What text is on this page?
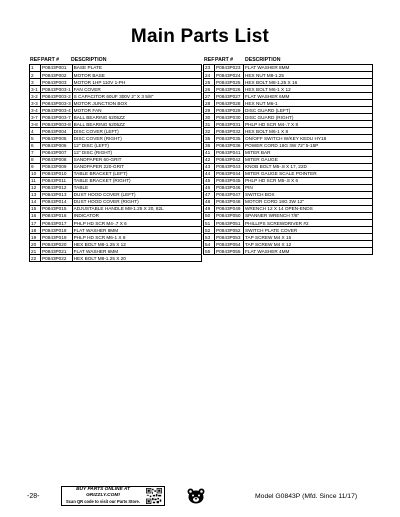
Main Parts List
REF PART #	DESCRIPTION
1	P0843P001	BASE PLATE
2	P0843P002	MOTOR BASE
3	P0843P003	MOTOR 1HP 110V 1-PH
3-1	P0843P003-1	FAN COVER
3-2	P0843P003-2	S CAPACITOR 60UF 300V 2" X 3 5/8"
3-3	P0843P003-3	MOTOR JUNCTION BOX
3-4	P0843P003-4	MOTOR FAN
3-7	P0843P003-7	BALL BEARING 6205ZZ
3-8	P0843P003-8	BALL BEARING 6205ZZ
4	P0843P004	DISC COVER (LEFT)
5	P0843P005	DISC COVER (RIGHT)
6	P0843P006	12" DISC (LEFT)
7	P0843P007	12" DISC (RIGHT)
8	P0843P008	SANDPAPER 60-GRIT
9	P0843P009	SANDPAPER 220-GRIT
10	P0843P010	TABLE BRACKET (LEFT)
11	P0843P011	TABLE BRACKET (RIGHT)
12	P0843P012	TABLE
13	P0843P013	DUST HOOD COVER (LEFT)
14	P0843P014	DUST HOOD COVER (RIGHT)
15	P0843P015	ADJUSTABLE HANDLE M8-1.25 X 20, 82L
16	P0843P016	INDICATOR
17	P0843P017	PHLP HD SCR M4-.7 X 6
18	P0843P018	FLAT WASHER 8MM
19	P0843P019	PHLP HD SCR M6-1 X 8
20	P0843P020	HEX BOLT M8-1.25 X 12
21	P0843P021	FLAT WASHER 6MM
22	P0843P022	HEX BOLT M8-1.25 X 20
REF PART #	DESCRIPTION
23	P0843P023	FLAT WASHER 8MM
24	P0843P024	HEX NUT M8-1.25
25	P0843P025	HEX BOLT M8-1.25 X 16
26	P0843P026	HEX BOLT M6-1 X 12
27	P0843P027	FLAT WASHER 6MM
28	P0843P028	HEX NUT M6-1
29	P0843P029	DISC GUARD (LEFT)
30	P0843P030	DISC GUARD (RIGHT)
31	P0843P031	PHLP HD SCR M4-.7 X 8
32	P0843P032	HEX BOLT M6-1 X 8
35	P0843P035	ON/OFF SWITCH W/KEY KEDU HY18
36	P0843P036	POWER CORD 18G 3W 72" 5-15P
41	P0843P041	MITER BAR
42	P0843P042	MITER GAUGE
43	P0843P043	KNOB BOLT M5-.8 X 17, 22D
44	P0843P044	MITER GAUGE SCALE POINTER
45	P0843P045	PHLP HD SCR M5-.8 X 6
46	P0843P046	PIN
47	P0843P047	SWITCH BOX
48	P0843P048	MOTOR CORD 18G 3W 12"
49	P0843P049	WRENCH 12 X 14 OPEN-ENDS
50	P0843P050	SPANNER WRENCH 7/8"
51	P0843P051	PHILLIPS SCREWDRIVER #2
52	P0843P052	SWITCH PLATE COVER
53	P0843P053	TAP SCREW M4 X 15
54	P0843P054	TAP SCREW M4 X 12
55	P0843P055	FLAT WASHER 4MM
-28-
BUY PARTS ONLINE AT GRIZZLY.COM!
Scan QR code to visit our Parts Store.
Model G0843P (Mfd. Since 11/17)
